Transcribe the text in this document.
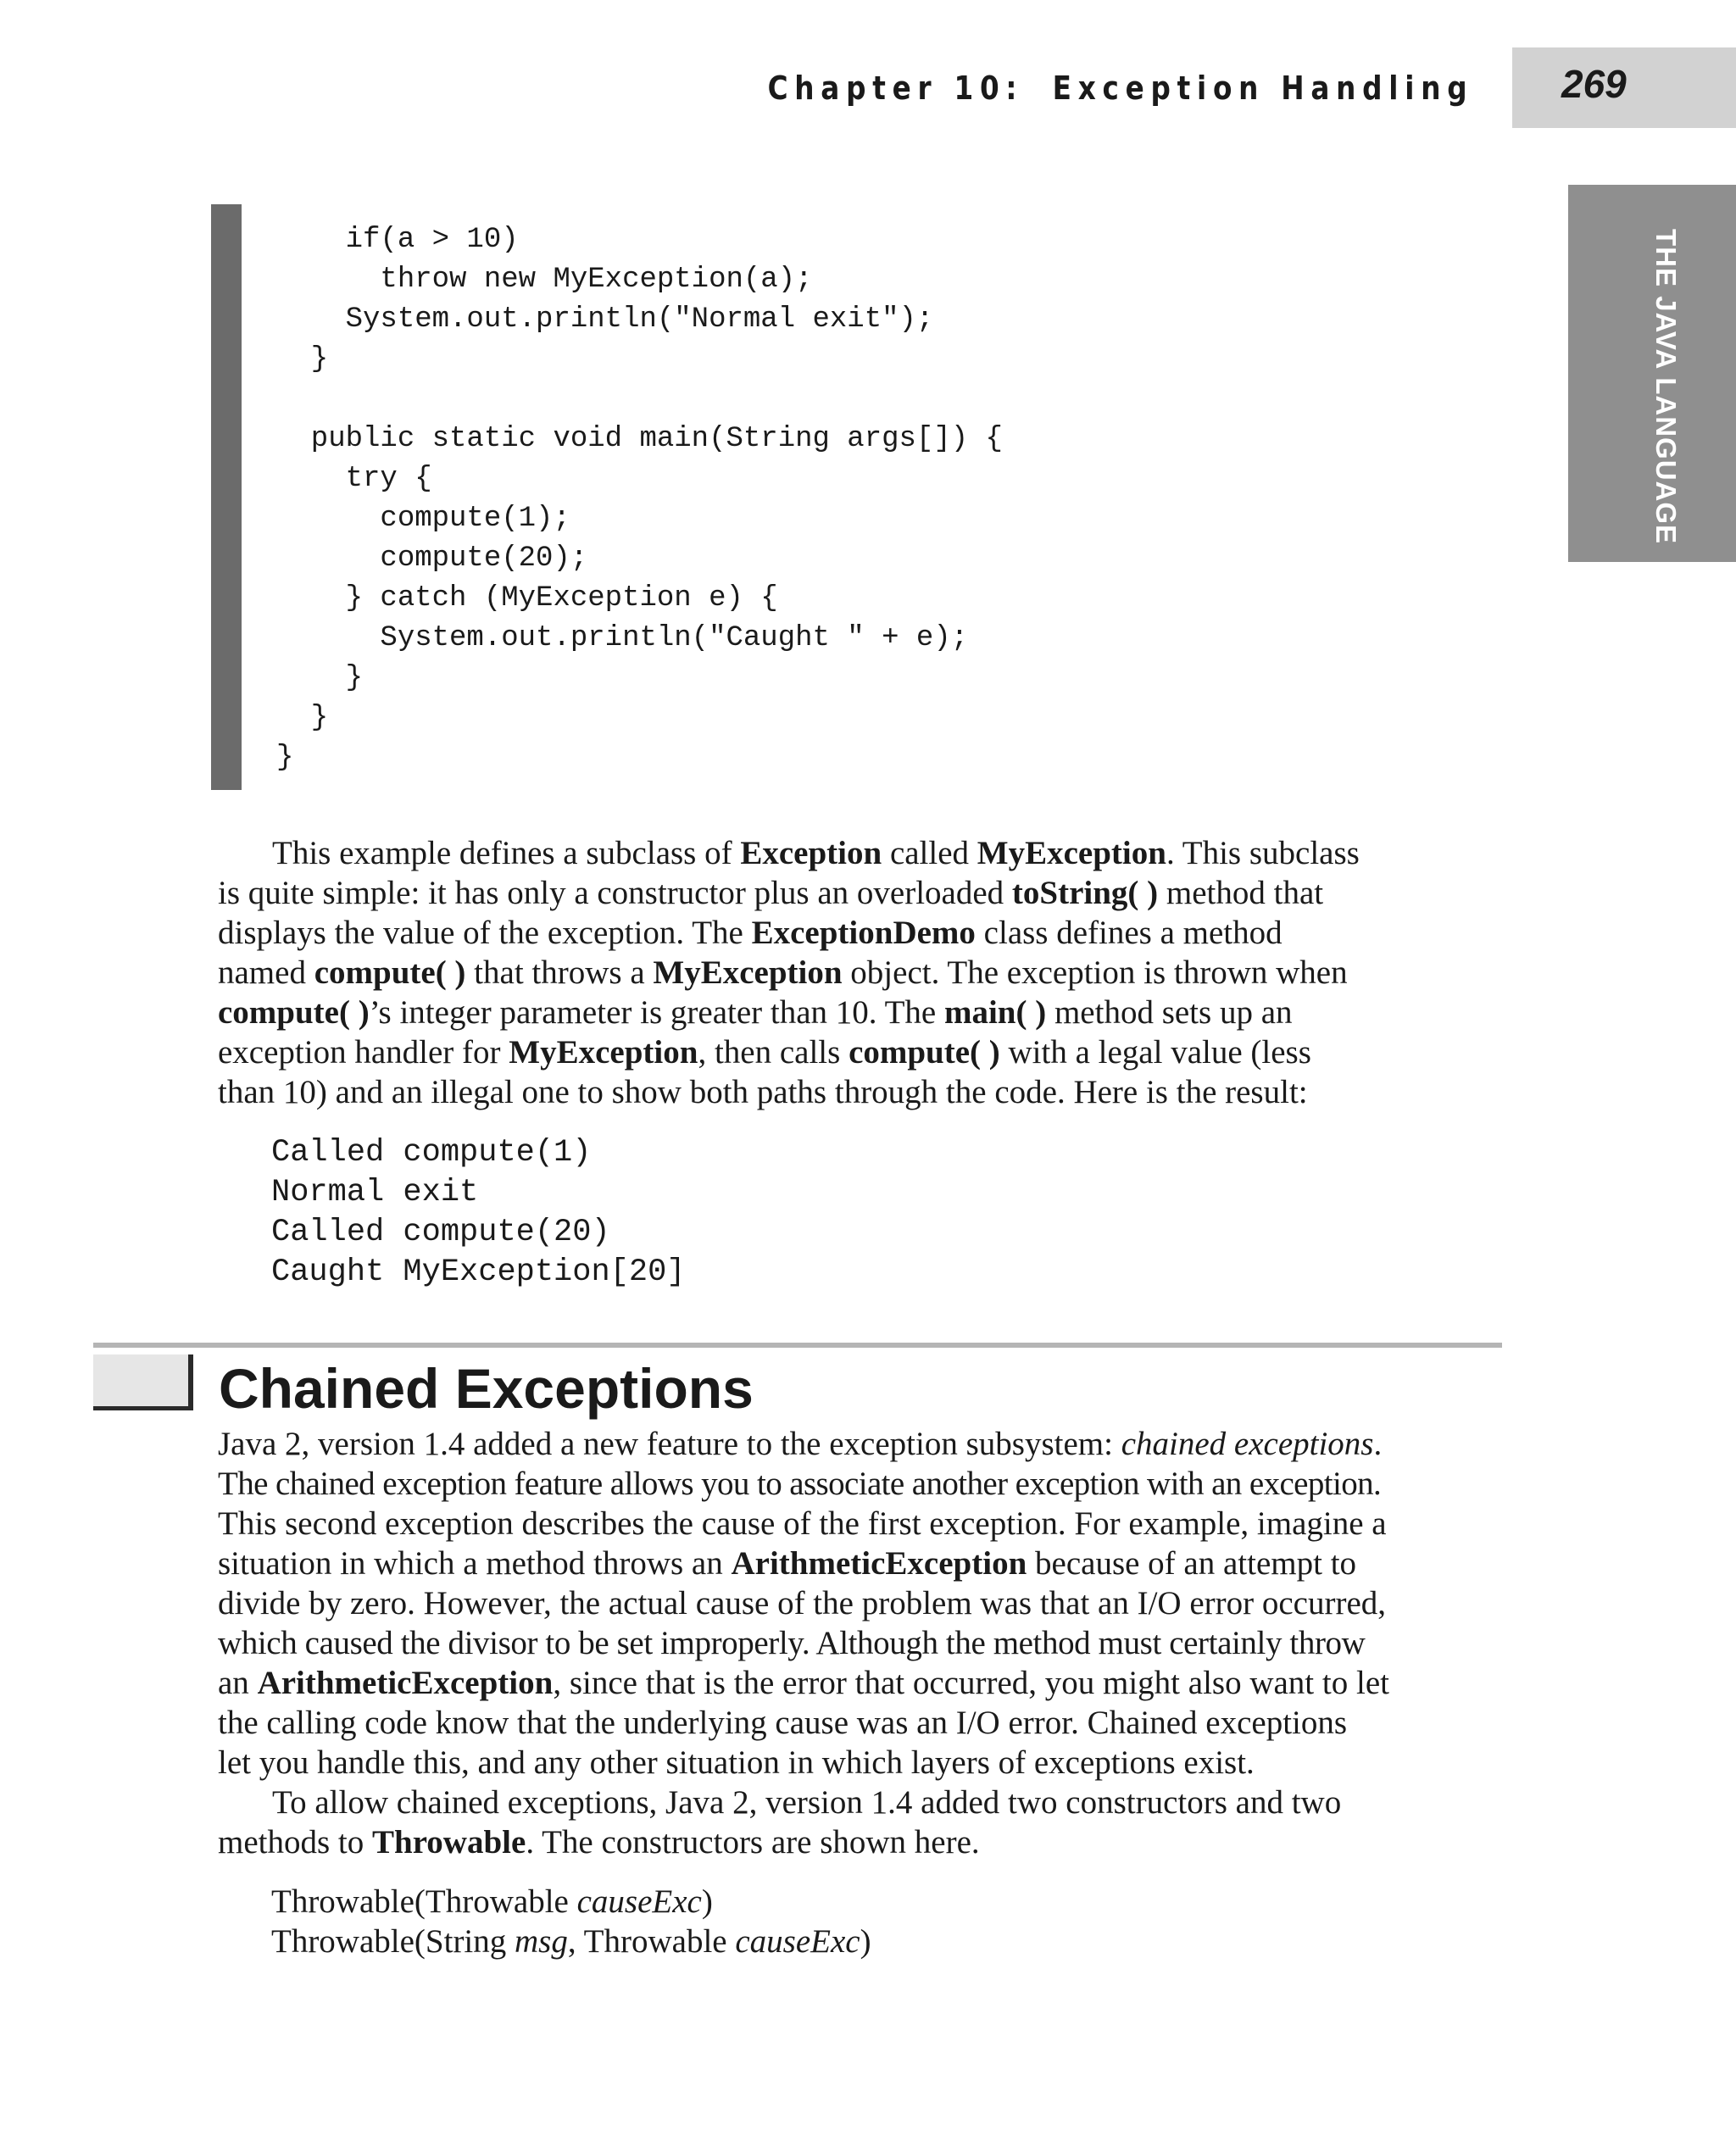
Chapter 10: Exception Handling 269
THE JAVA LANGUAGE
if(a > 10)
throw new MyException(a);
System.out.println("Normal exit");
}
public static void main(String args[]) {
try {
compute(1);
compute(20);
} catch (MyException e) {
System.out.println("Caught " + e);
}
}
}

This example defines a subclass of Exception called MyException. This subclass
is quite simple: it has only a constructor plus an overloaded toString( ) method that
displays the value of the exception. The ExceptionDemo class defines a method
named compute( ) that throws a MyException object. The exception is thrown when
compute( )’s integer parameter is greater than 10. The main( ) method sets up an
exception handler for MyException, then calls compute( ) with a legal value (less
than 10) and an illegal one to show both paths through the code. Here is the result:

Called compute(1)
Normal exit
Called compute(20)
Caught MyException[20]
Chained Exceptions

Java 2, version 1.4 added a new feature to the exception subsystem: chained exceptions.
The chained exception feature allows you to associate another exception with an exception.
This second exception describes the cause of the first exception. For example, imagine a
situation in which a method throws an ArithmeticException because of an attempt to
divide by zero. However, the actual cause of the problem was that an I/O error occurred,
which caused the divisor to be set improperly. Although the method must certainly throw
an ArithmeticException, since that is the error that occurred, you might also want to let
the calling code know that the underlying cause was an I/O error. Chained exceptions
let you handle this, and any other situation in which layers of exceptions exist.

To allow chained exceptions, Java 2, version 1.4 added two constructors and two
methods to Throwable. The constructors are shown here.

Throwable(Throwable causeExc)
Throwable(String msg, Throwable causeExc)
